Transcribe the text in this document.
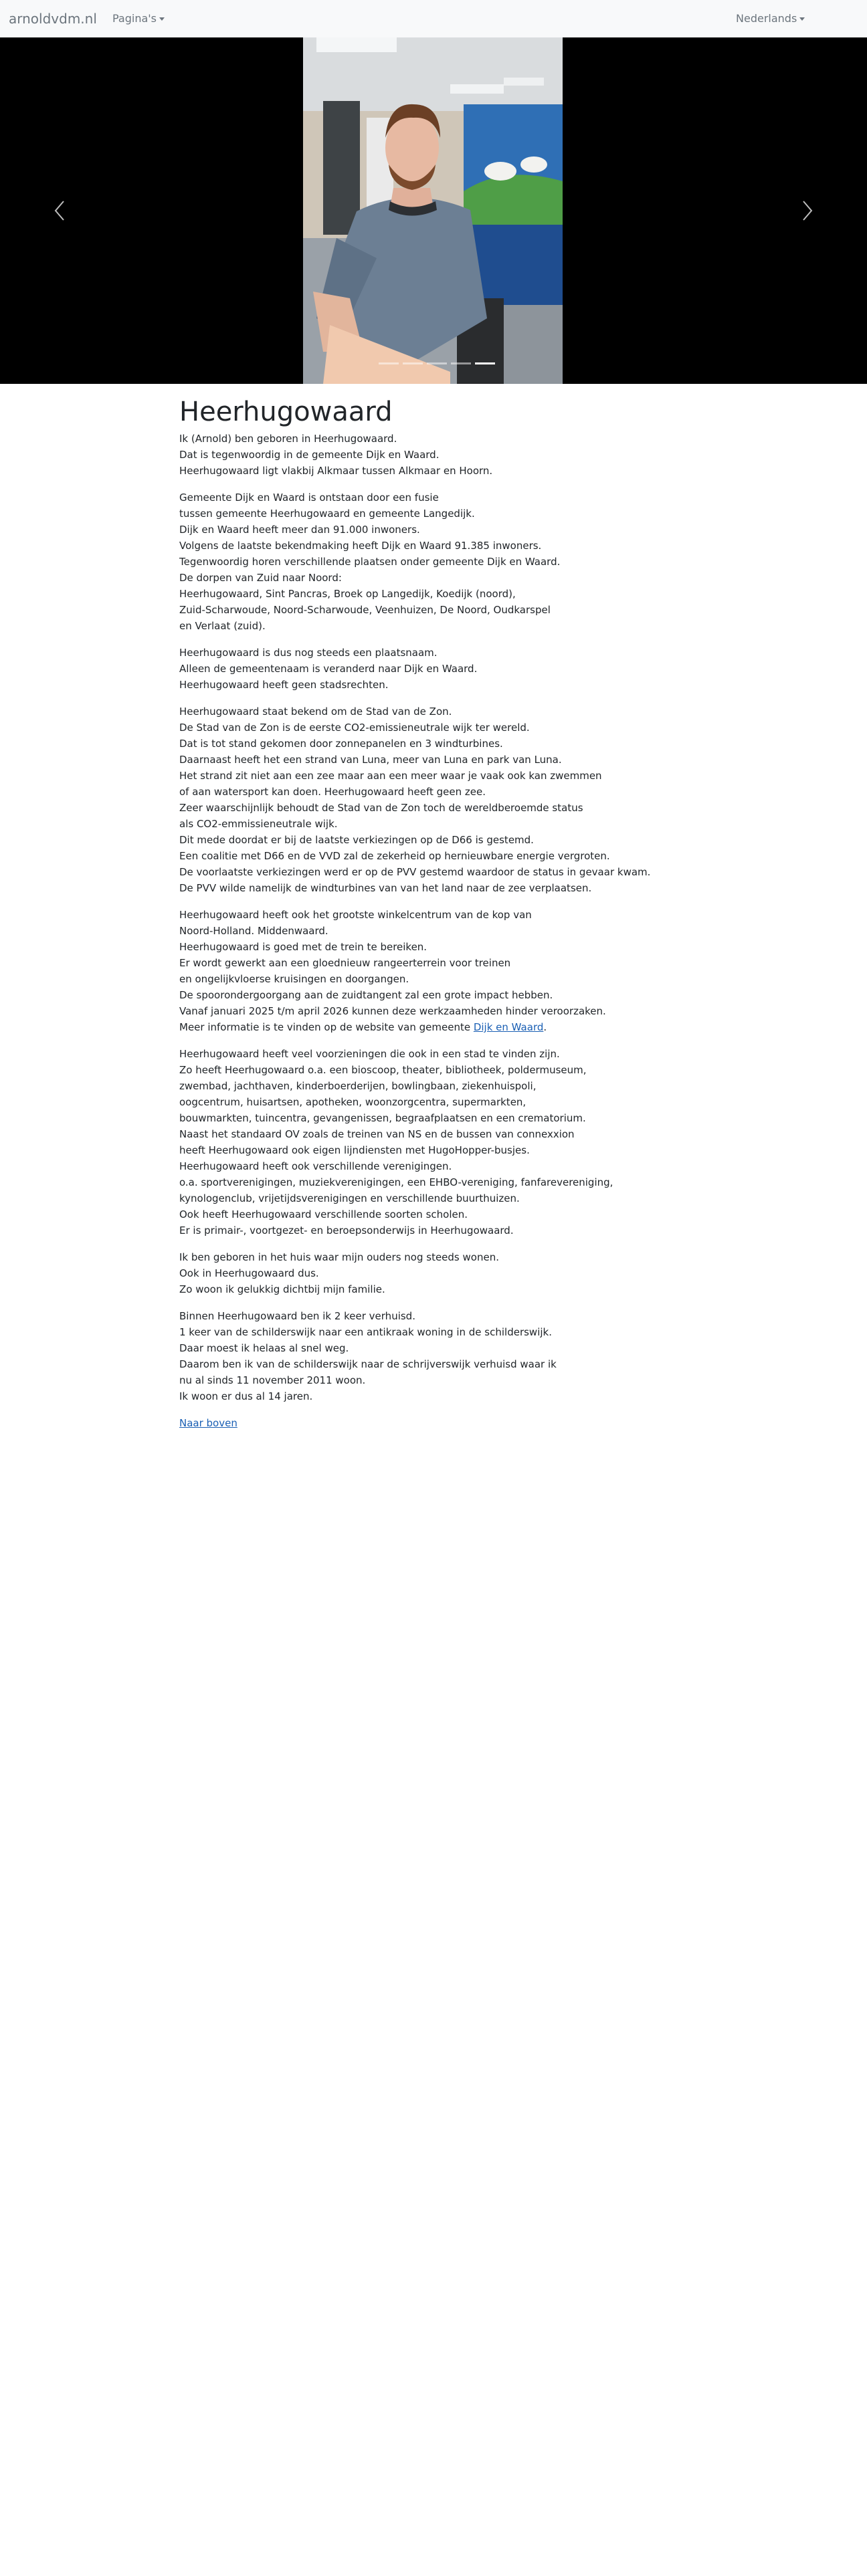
arnoldvdm.nl Pagina's	Nederlands
Heerhugowaard

Ik (Arnold) ben geboren in Heerhugowaard.
Dat is tegenwoordig in de gemeente Dijk en Waard.
Heerhugowaard ligt vlakbij Alkmaar tussen Alkmaar en Hoorn.

Gemeente Dijk en Waard is ontstaan door een fusie
tussen gemeente Heerhugowaard en gemeente Langedijk.
Dijk en Waard heeft meer dan 91.000 inwoners.
Volgens de laatste bekendmaking heeft Dijk en Waard 91.385 inwoners.
Tegenwoordig horen verschillende plaatsen onder gemeente Dijk en Waard.
De dorpen van Zuid naar Noord:
Heerhugowaard, Sint Pancras, Broek op Langedijk, Koedijk (noord),
Zuid-Scharwoude, Noord-Scharwoude, Veenhuizen, De Noord, Oudkarspel
en Verlaat (zuid).

Heerhugowaard is dus nog steeds een plaatsnaam.
Alleen de gemeentenaam is veranderd naar Dijk en Waard.
Heerhugowaard heeft geen stadsrechten.

Heerhugowaard staat bekend om de Stad van de Zon.
De Stad van de Zon is de eerste CO2-emissieneutrale wijk ter wereld.
Dat is tot stand gekomen door zonnepanelen en 3 windturbines.
Daarnaast heeft het een strand van Luna, meer van Luna en park van Luna.
Het strand zit niet aan een zee maar aan een meer waar je vaak ook kan zwemmen
of aan watersport kan doen. Heerhugowaard heeft geen zee.
Zeer waarschijnlijk behoudt de Stad van de Zon toch de wereldberoemde status
als CO2-emmissieneutrale wijk.
Dit mede doordat er bij de laatste verkiezingen op de D66 is gestemd.
Een coalitie met D66 en de VVD zal de zekerheid op hernieuwbare energie vergroten.
De voorlaatste verkiezingen werd er op de PVV gestemd waardoor de status in gevaar kwam.
De PVV wilde namelijk de windturbines van van het land naar de zee verplaatsen.

Heerhugowaard heeft ook het grootste winkelcentrum van de kop van
Noord-Holland. Middenwaard.
Heerhugowaard is goed met de trein te bereiken.
Er wordt gewerkt aan een gloednieuw rangeerterrein voor treinen
en ongelijkvloerse kruisingen en doorgangen.
De spoorondergoorgang aan de zuidtangent zal een grote impact hebben.
Vanaf januari 2025 t/m april 2026 kunnen deze werkzaamheden hinder veroorzaken.
Meer informatie is te vinden op de website van gemeente Dijk en Waard.

Heerhugowaard heeft veel voorzieningen die ook in een stad te vinden zijn.
Zo heeft Heerhugowaard o.a. een bioscoop, theater, bibliotheek, poldermuseum,
zwembad, jachthaven, kinderboerderijen, bowlingbaan, ziekenhuispoli,
oogcentrum, huisartsen, apotheken, woonzorgcentra, supermarkten,
bouwmarkten, tuincentra, gevangenissen, begraafplaatsen en een crematorium.
Naast het standaard OV zoals de treinen van NS en de bussen van connexxion
heeft Heerhugowaard ook eigen lijndiensten met HugoHopper-busjes.
Heerhugowaard heeft ook verschillende verenigingen.
o.a. sportverenigingen, muziekverenigingen, een EHBO-vereniging, fanfarevereniging,
kynologenclub, vrijetijdsverenigingen en verschillende buurthuizen.
Ook heeft Heerhugowaard verschillende soorten scholen.
Er is primair-, voortgezet- en beroepsonderwijs in Heerhugowaard.

Ik ben geboren in het huis waar mijn ouders nog steeds wonen.
Ook in Heerhugowaard dus.
Zo woon ik gelukkig dichtbij mijn familie.

Binnen Heerhugowaard ben ik 2 keer verhuisd.
1 keer van de schilderswijk naar een antikraak woning in de schilderswijk.
Daar moest ik helaas al snel weg.
Daarom ben ik van de schilderswijk naar de schrijverswijk verhuisd waar ik
nu al sinds 11 november 2011 woon.
Ik woon er dus al 14 jaren.

Naar boven
